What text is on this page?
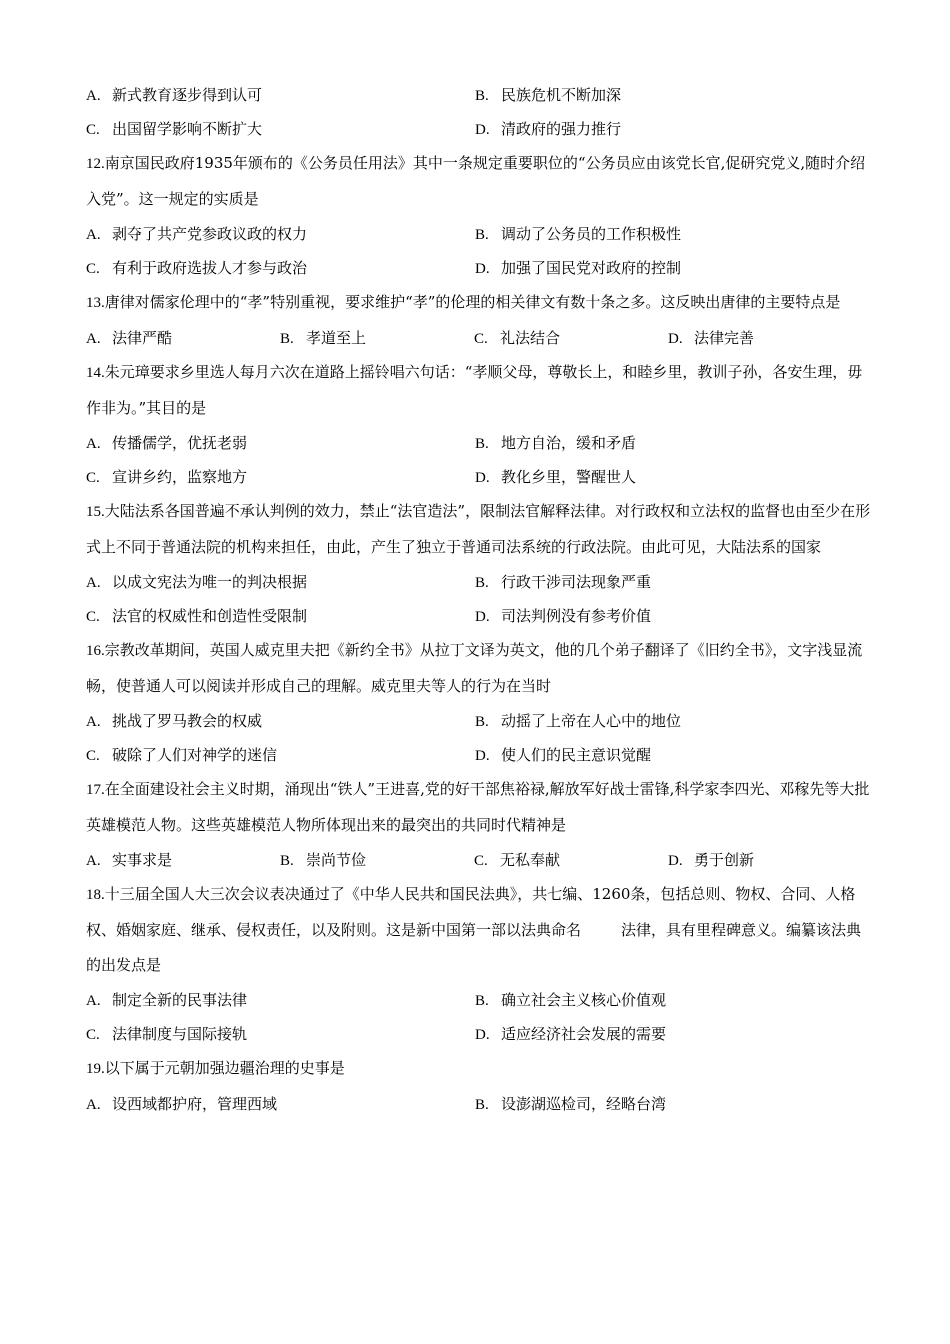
A. 新式教育逐步得到认可	B. 民族危机不断加深
C. 出国留学影响不断扩大	D. 清政府的强力推行

12.南京国民政府1935年颁布的《公务员任用法》其中一条规定重要职位的“公务员应由该党长官,促研究党义,随时介绍入党”。这一规定的实质是

A. 剥夺了共产党参政议政的权力	B. 调动了公务员的工作积极性
C. 有利于政府选拔人才参与政治	D. 加强了国民党对政府的控制

13.唐律对儒家伦理中的“孝”特别重视，要求维护“孝”的伦理的相关律文有数十条之多。这反映出唐律的主要特点是

A. 法律严酷	B. 孝道至上	C. 礼法结合	D. 法律完善

14.朱元璋要求乡里选人每月六次在道路上摇铃唱六句话：“孝顺父母，尊敬长上，和睦乡里，教训子孙，各安生理，毋作非为。”其目的是

A. 传播儒学，优抚老弱	B. 地方自治，缓和矛盾
C. 宣讲乡约，监察地方	D. 教化乡里，警醒世人

15.大陆法系各国普遍不承认判例的效力，禁止“法官造法”，限制法官解释法律。对行政权和立法权的监督也由至少在形式上不同于普通法院的机构来担任，由此，产生了独立于普通司法系统的行政法院。由此可见，大陆法系的国家

A. 以成文宪法为唯一的判决根据	B. 行政干涉司法现象严重
C. 法官的权威性和创造性受限制	D. 司法判例没有参考价值

16.宗教改革期间，英国人威克里夫把《新约全书》从拉丁文译为英文，他的几个弟子翻译了《旧约全书》，文字浅显流畅，使普通人可以阅读并形成自己的理解。威克里夫等人的行为在当时

A. 挑战了罗马教会的权威	B. 动摇了上帝在人心中的地位
C. 破除了人们对神学的迷信	D. 使人们的民主意识觉醒

17.在全面建设社会主义时期，涌现出“铁人”王进喜,党的好干部焦裕禄,解放军好战士雷锋,科学家李四光、邓稼先等大批英雄模范人物。这些英雄模范人物所体现出来的最突出的共同时代精神是

A. 实事求是	B. 崇尚节俭	C. 无私奉献	D. 勇于创新

18.十三届全国人大三次会议表决通过了《中华人民共和国民法典》，共七编、1260条，包括总则、物权、合同、人格权、婚姻家庭、继承、侵权责任，以及附则。这是新中国第一部以法典命名	法律，具有里程碑意义。编纂该法典的出发点是

A. 制定全新的民事法律	B. 确立社会主义核心价值观
C. 法律制度与国际接轨	D. 适应经济社会发展的需要

19.以下属于元朝加强边疆治理的史事是

A. 设西域都护府，管理西域	B. 设澎湖巡检司，经略台湾
